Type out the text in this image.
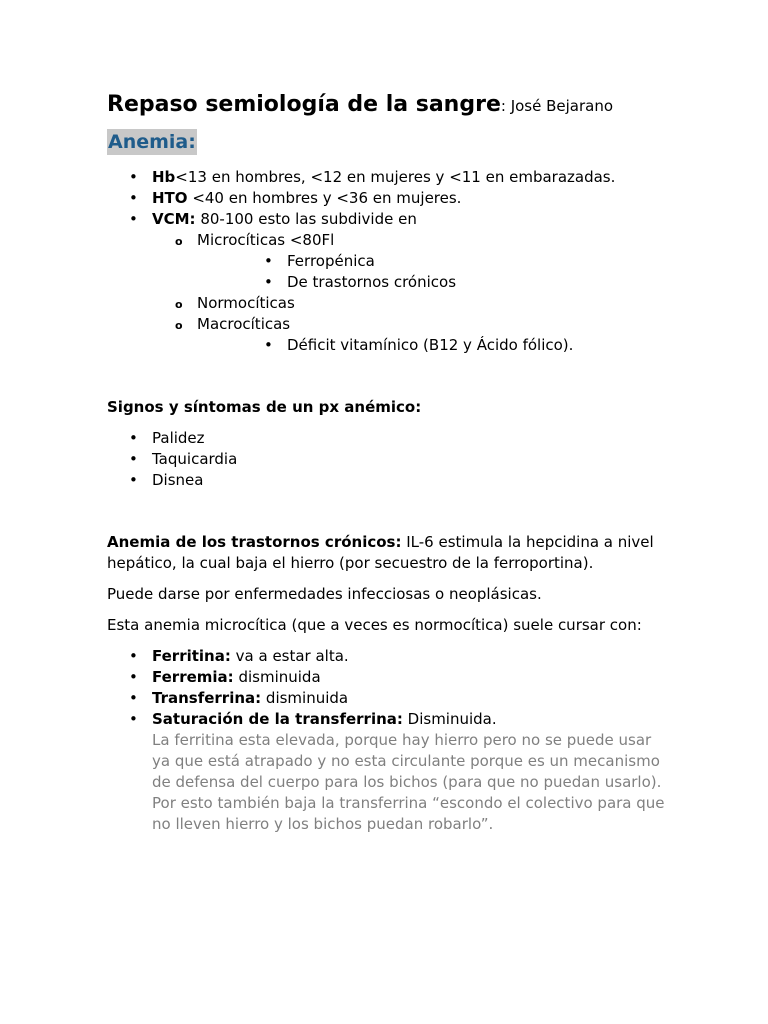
Repaso semiología de la sangre: José Bejarano

Anemia:
• Hb<13 en hombres, <12 en mujeres y <11 en embarazadas.
• HTO <40 en hombres y <36 en mujeres.
• VCM: 80-100 esto las subdivide en
o Microcíticas <80Fl
• Ferropénica
• De trastornos crónicos
o Normocíticas
o Macrocíticas
• Déficit vitamínico (B12 y Ácido fólico).

Signos y síntomas de un px anémico:

• Palidez
• Taquicardia
• Disnea

Anemia de los trastornos crónicos: IL-6 estimula la hepcidina a nivel hepático, la cual baja el hierro (por secuestro de la ferroportina).

Puede darse por enfermedades infecciosas o neoplásicas.

Esta anemia microcítica (que a veces es normocítica) suele cursar con:

• Ferritina: va a estar alta.
• Ferremia: disminuida
• Transferrina: disminuida
• Saturación de la transferrina: Disminuida.

La ferritina esta elevada, porque hay hierro pero no se puede usar ya que está atrapado y no esta circulante porque es un mecanismo de defensa del cuerpo para los bichos (para que no puedan usarlo). Por esto también baja la transferrina “escondo el colectivo para que no lleven hierro y los bichos puedan robarlo”.
